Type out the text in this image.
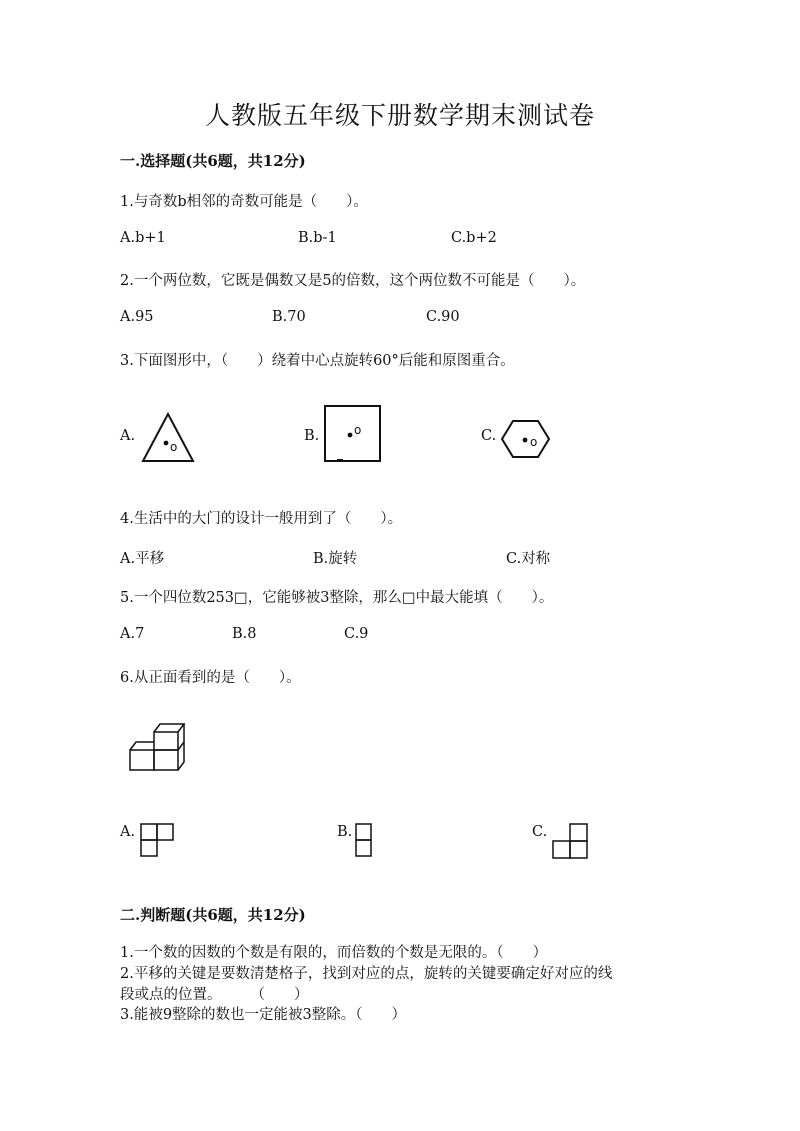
人教版五年级下册数学期末测试卷
一.选择题(共6题，共12分)
1.与奇数b相邻的奇数可能是（　　）。
A.b+1	B.b-1	C.b+2
2.一个两位数，它既是偶数又是5的倍数，这个两位数不可能是（　　）。
A.95	B.70	C.90
3.下面图形中，（　　）绕着中心点旋转60°后能和原图重合。
A.
o
B.	o	C.	o
4.生活中的大门的设计一般用到了（　　）。
A.平移	B.旋转	C.对称
5.一个四位数253□，它能够被3整除，那么□中最大能填（　　）。
A.7	B.8	C.9
6.从正面看到的是（　　）。
A.	B.	C.
二.判断题(共6题，共12分)
1.一个数的因数的个数是有限的，而倍数的个数是无限的。（　　）
2.平移的关键是要数清楚格子，找到对应的点，旋转的关键要确定好对应的线
段或点的位置。　　　（　　）
3.能被9整除的数也一定能被3整除。（　　）
